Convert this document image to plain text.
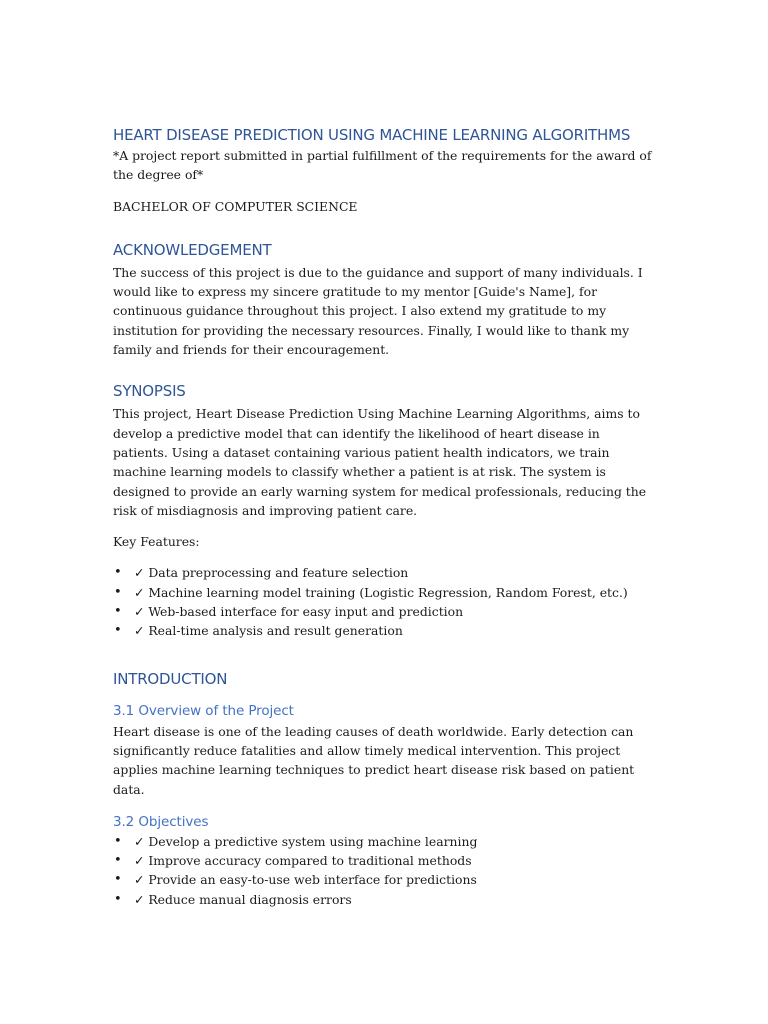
HEART DISEASE PREDICTION USING MACHINE LEARNING ALGORITHMS

*A project report submitted in partial fulfillment of the requirements for the award of the degree of*

BACHELOR OF COMPUTER SCIENCE

ACKNOWLEDGEMENT

The success of this project is due to the guidance and support of many individuals. I would like to express my sincere gratitude to my mentor [Guide's Name], for continuous guidance throughout this project. I also extend my gratitude to my institution for providing the necessary resources. Finally, I would like to thank my family and friends for their encouragement.

SYNOPSIS

This project, Heart Disease Prediction Using Machine Learning Algorithms, aims to develop a predictive model that can identify the likelihood of heart disease in patients. Using a dataset containing various patient health indicators, we train machine learning models to classify whether a patient is at risk. The system is designed to provide an early warning system for medical professionals, reducing the risk of misdiagnosis and improving patient care.

Key Features:

• ✓ Data preprocessing and feature selection
• ✓ Machine learning model training (Logistic Regression, Random Forest, etc.)
• ✓ Web-based interface for easy input and prediction
• ✓ Real-time analysis and result generation
INTRODUCTION
3.1 Overview of the Project

Heart disease is one of the leading causes of death worldwide. Early detection can significantly reduce fatalities and allow timely medical intervention. This project applies machine learning techniques to predict heart disease risk based on patient data.

3.2 Objectives
• ✓ Develop a predictive system using machine learning
• ✓ Improve accuracy compared to traditional methods
• ✓ Provide an easy-to-use web interface for predictions
• ✓ Reduce manual diagnosis errors
